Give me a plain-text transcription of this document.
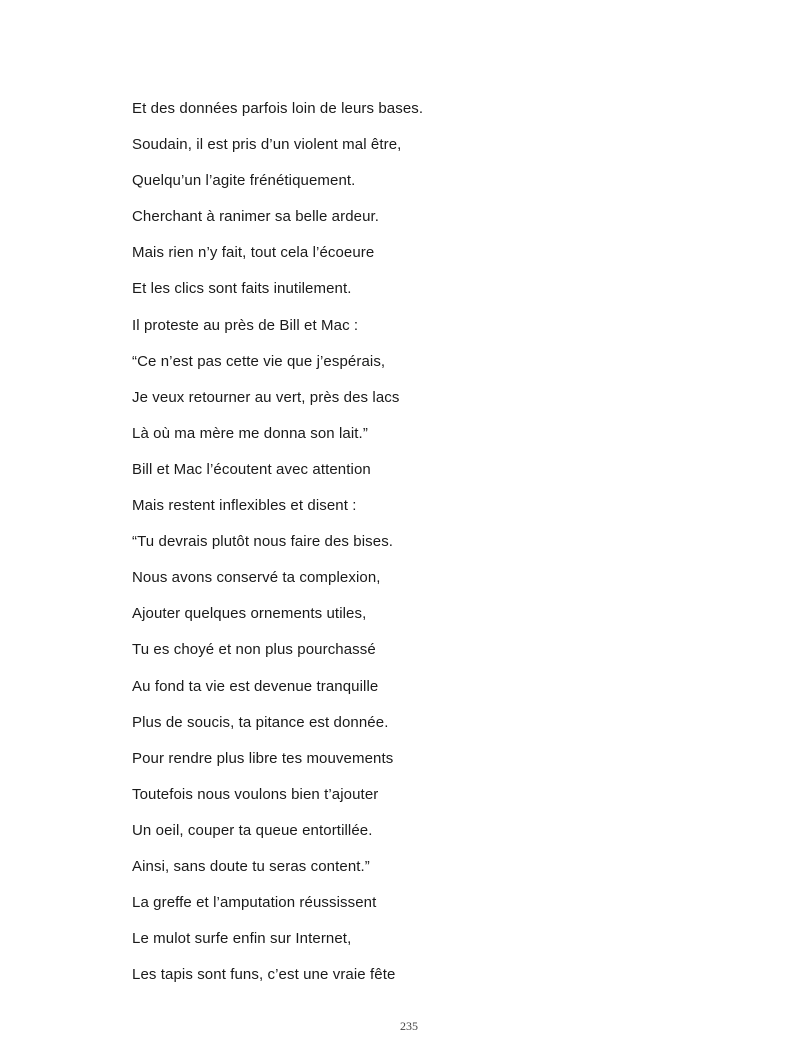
Et des données parfois loin de leurs bases.
Soudain, il est pris d’un violent mal être,
Quelqu’un l’agite frénétiquement.
Cherchant à ranimer sa belle ardeur.
Mais rien n’y fait, tout cela l’écoeure
Et les clics sont faits inutilement.
Il proteste au près de Bill et Mac :
“Ce n’est pas cette vie que j’espérais,
Je veux retourner au vert, près des lacs
Là où ma mère me donna son lait.”
Bill et Mac l’écoutent avec attention
Mais restent inflexibles et disent :
“Tu devrais plutôt nous faire des bises.
Nous avons conservé ta complexion,
Ajouter quelques ornements utiles,
Tu es choyé et non plus pourchassé
Au fond ta vie est devenue tranquille
Plus de soucis, ta pitance est donnée.
Pour rendre plus libre tes mouvements
Toutefois nous voulons bien t’ajouter
Un oeil, couper ta queue entortillée.
Ainsi, sans doute tu seras content.”
La greffe et l’amputation réussissent
Le mulot surfe enfin sur Internet,
Les tapis sont funs, c’est une vraie fête
235
